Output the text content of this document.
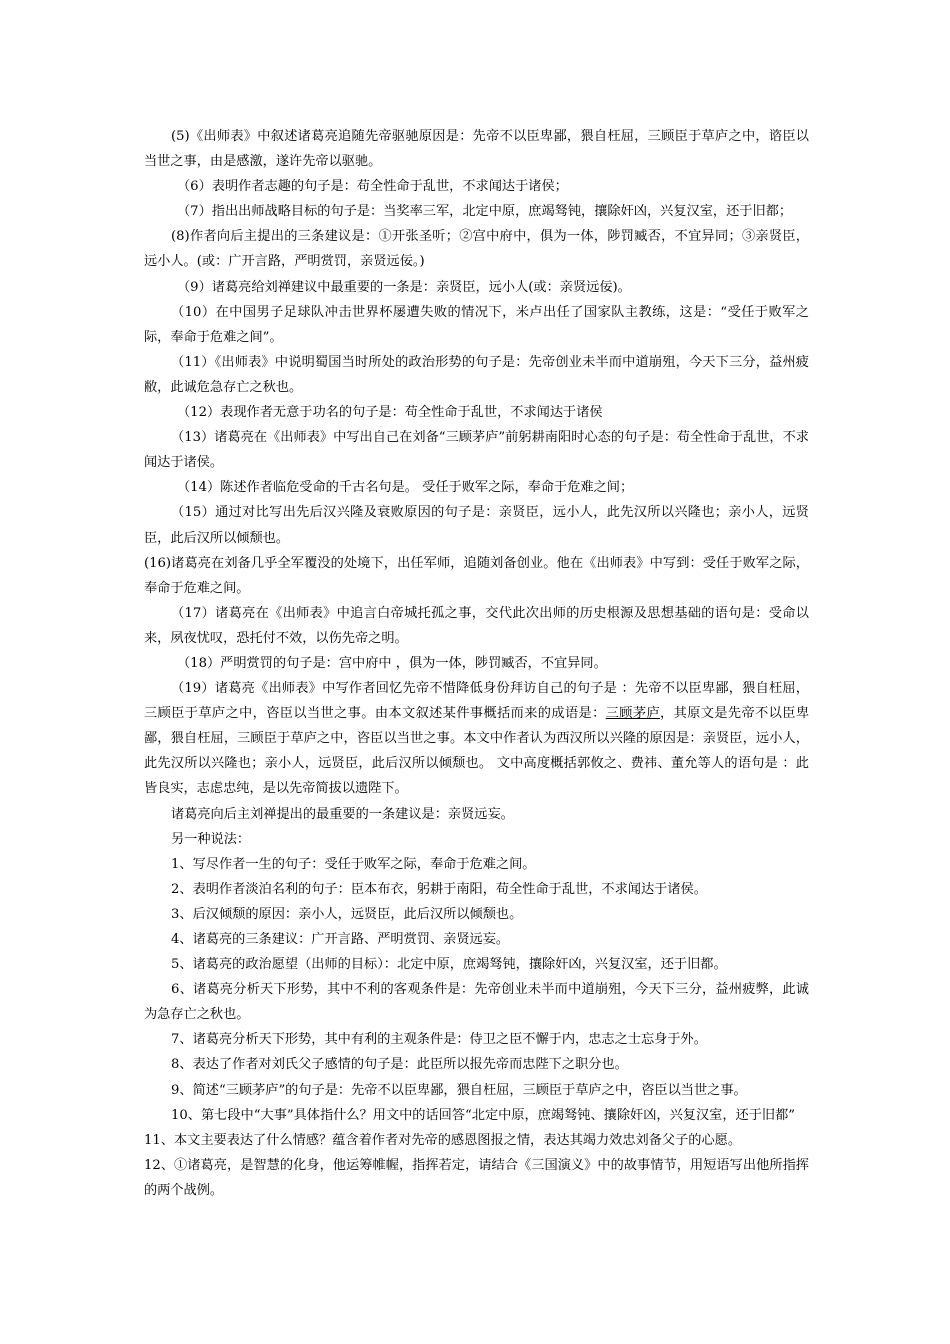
(5)《出师表》中叙述诸葛亮追随先帝驱驰原因是：先帝不以臣卑鄙，猥自枉屈，三顾臣于草庐之中，谘臣以当世之事，由是感激，遂许先帝以驱驰。

（6）表明作者志趣的句子是：苟全性命于乱世，不求闻达于诸侯；

（7）指出出师战略目标的句子是：当奖率三军，北定中原，庶竭驽钝，攘除奸凶，兴复汉室，还于旧都；

(8)作者向后主提出的三条建议是：①开张圣听；②宫中府中，俱为一体，陟罚臧否，不宜异同；③亲贤臣，远小人。(或：广开言路，严明赏罚，亲贤远佞。)

（9）诸葛亮给刘禅建议中最重要的一条是：亲贤臣，远小人(或：亲贤远佞)。

（10）在中国男子足球队冲击世界杯屡遭失败的情况下，米卢出任了国家队主教练，这是：“受任于败军之际，奉命于危难之间”。

（11）《出师表》中说明蜀国当时所处的政治形势的句子是：先帝创业未半而中道崩殂，今天下三分，益州疲敝，此诚危急存亡之秋也。

（12）表现作者无意于功名的句子是：苟全性命于乱世，不求闻达于诸侯

（13）诸葛亮在《出师表》中写出自己在刘备“三顾茅庐”前躬耕南阳时心态的句子是：苟全性命于乱世，不求闻达于诸侯。

（14）陈述作者临危受命的千古名句是。 受任于败军之际，奉命于危难之间；

（15）通过对比写出先后汉兴隆及衰败原因的句子是：亲贤臣，远小人，此先汉所以兴隆也；亲小人，远贤臣，此后汉所以倾颓也。

(16)诸葛亮在刘备几乎全军覆没的处境下，出任军师，追随刘备创业。他在《出师表》中写到：受任于败军之际，奉命于危难之间。

（17）诸葛亮在《出师表》中追言白帝城托孤之事，交代此次出师的历史根源及思想基础的语句是：受命以来，夙夜忧叹，恐托付不效，以伤先帝之明。

（18）严明赏罚的句子是：宫中府中 ，俱为一体，陟罚臧否，不宜异同。

（19）诸葛亮《出师表》中写作者回忆先帝不惜降低身份拜访自己的句子是 ：先帝不以臣卑鄙，猥自枉屈，三顾臣于草庐之中，咨臣以当世之事。由本文叙述某件事概括而来的成语是：三顾茅庐，其原文是先帝不以臣卑鄙，猥自枉屈，三顾臣于草庐之中，咨臣以当世之事。本文中作者认为西汉所以兴隆的原因是：亲贤臣，远小人，此先汉所以兴隆也；亲小人，远贤臣，此后汉所以倾颓也。 文中高度概括郭攸之、费祎、董允等人的语句是 ：此皆良实，志虑忠纯，是以先帝简拔以遗陛下。

诸葛亮向后主刘禅提出的最重要的一条建议是：亲贤远妄。

另一种说法：

1、写尽作者一生的句子：受任于败军之际，奉命于危难之间。

2、表明作者淡泊名利的句子：臣本布衣，躬耕于南阳，苟全性命于乱世，不求闻达于诸侯。

3、后汉倾颓的原因：亲小人，远贤臣，此后汉所以倾颓也。

4、诸葛亮的三条建议：广开言路、严明赏罚、亲贤远妄。

5、诸葛亮的政治愿望（出师的目标）：北定中原，庶竭驽钝，攘除奸凶，兴复汉室，还于旧都。

6、诸葛亮分析天下形势，其中不利的客观条件是：先帝创业未半而中道崩殂，今天下三分，益州疲弊，此诚为急存亡之秋也。

7、诸葛亮分析天下形势，其中有利的主观条件是：侍卫之臣不懈于内，忠志之士忘身于外。

8、表达了作者对刘氏父子感情的句子是：此臣所以报先帝而忠陛下之职分也。

9、简述“三顾茅庐”的句子是：先帝不以臣卑鄙，猥自枉屈，三顾臣于草庐之中，咨臣以当世之事。

10、第七段中“大事”具体指什么？用文中的话回答“北定中原，庶竭驽钝、攘除奸凶，兴复汉室，还于旧都”

11、本文主要表达了什么情感？蕴含着作者对先帝的感恩图报之情，表达其竭力效忠刘备父子的心愿。

12、①诸葛亮，是智慧的化身，他运筹帷幄，指挥若定，请结合《三国演义》中的故事情节，用短语写出他所指挥的两个战例。
